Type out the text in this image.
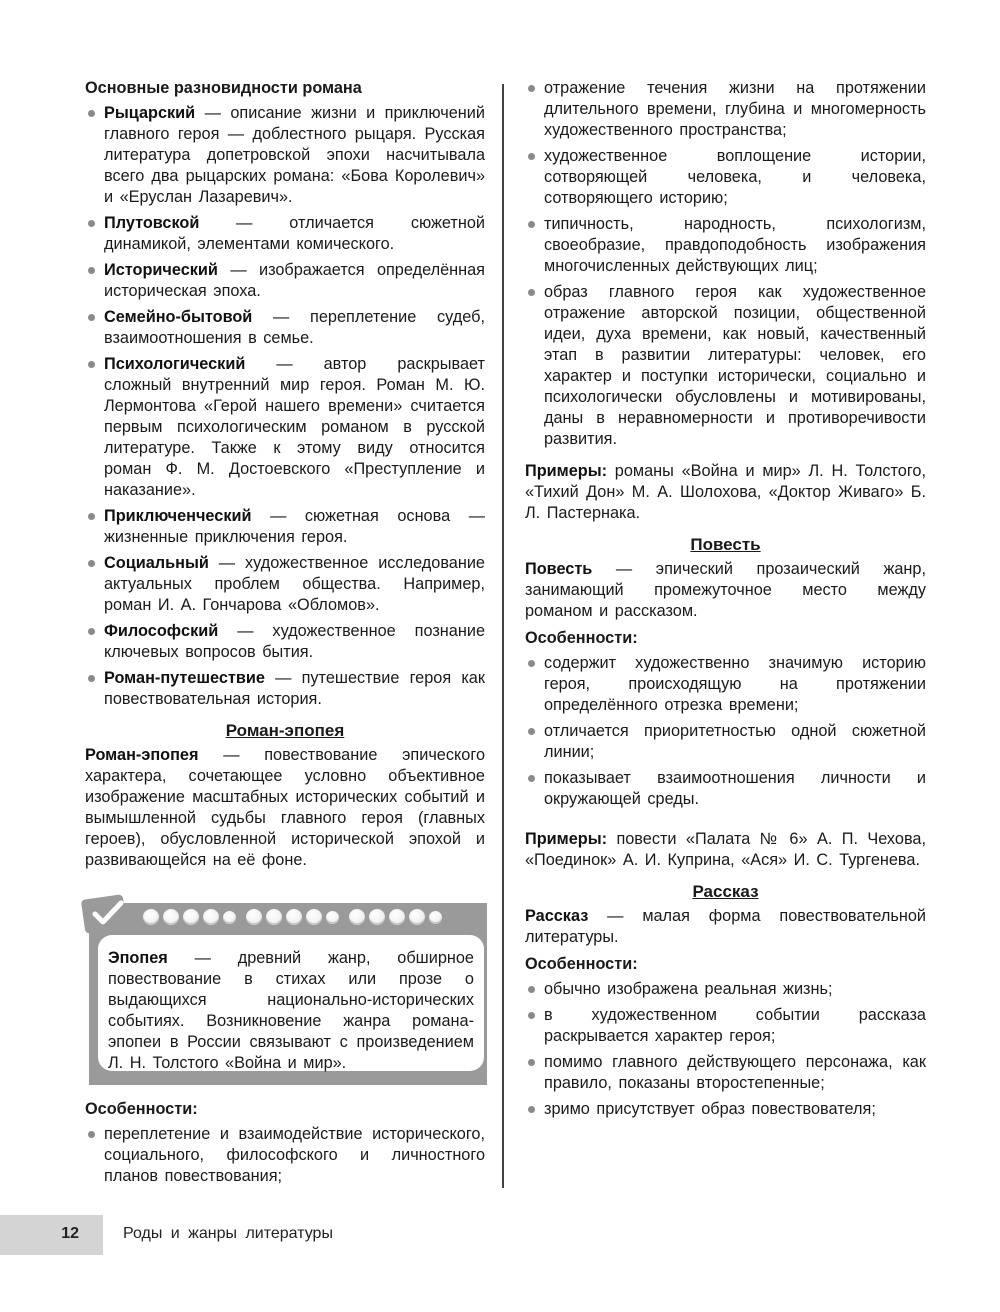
Основные разновидности романа
Рыцарский — описание жизни и приключений главного героя — доблестного рыцаря. Русская литература допетровской эпохи насчитывала всего два рыцарских романа: «Бова Королевич» и «Еруслан Лазаревич».
Плутовской — отличается сюжетной динамикой, элементами комического.
Исторический — изображается определённая историческая эпоха.
Семейно-бытовой — переплетение судеб, взаимоотношения в семье.
Психологический — автор раскрывает сложный внутренний мир героя. Роман М. Ю. Лермонтова «Герой нашего времени» считается первым психологическим романом в русской литературе. Также к этому виду относится роман Ф. М. Достоевского «Преступление и наказание».
Приключенческий — сюжетная основа — жизненные приключения героя.
Социальный — художественное исследование актуальных проблем общества. Например, роман И. А. Гончарова «Обломов».
Философский — художественное познание ключевых вопросов бытия.
Роман-путешествие — путешествие героя как повествовательная история.
Роман-эпопея

Роман-эпопея — повествование эпического характера, сочетающее условно объективное изображение масштабных исторических событий и вымышленной судьбы главного героя (главных героев), обусловленной исторической эпохой и развивающейся на её фоне.

Эпопея — древний жанр, обширное повествование в стихах или прозе о выдающихся национально-исторических событиях. Возникновение жанра романа-эпопеи в России связывают с произведением Л. Н. Толстого «Война и мир».

Особенности:
переплетение и взаимодействие исторического, социального, философского и личностного планов повествования;
отражение течения жизни на протяжении длительного времени, глубина и многомерность художественного пространства;
художественное воплощение истории, сотворяющей человека, и человека, сотворяющего историю;
типичность, народность, психологизм, своеобразие, правдоподобность изображения многочисленных действующих лиц;
образ главного героя как художественное отражение авторской позиции, общественной идеи, духа времени, как новый, качественный этап в развитии литературы: человек, его характер и поступки исторически, социально и психологически обусловлены и мотивированы, даны в неравномерности и противоречивости развития.

Примеры: романы «Война и мир» Л. Н. Толстого, «Тихий Дон» М. А. Шолохова, «Доктор Живаго» Б. Л. Пастернака.

Повесть

Повесть — эпический прозаический жанр, занимающий промежуточное место между романом и рассказом.

Особенности:
содержит художественно значимую историю героя, происходящую на протяжении определённого отрезка времени;
отличается приоритетностью одной сюжетной линии;
показывает взаимоотношения личности и окружающей среды.

Примеры: повести «Палата № 6» А. П. Чехова, «Поединок» А. И. Куприна, «Ася» И. С. Тургенева.

Рассказ

Рассказ — малая форма повествовательной литературы.

Особенности:
обычно изображена реальная жизнь;
в художественном событии рассказа раскрывается характер героя;
помимо главного действующего персонажа, как правило, показаны второстепенные;
зримо присутствует образ повествователя;
12	Роды и жанры литературы
